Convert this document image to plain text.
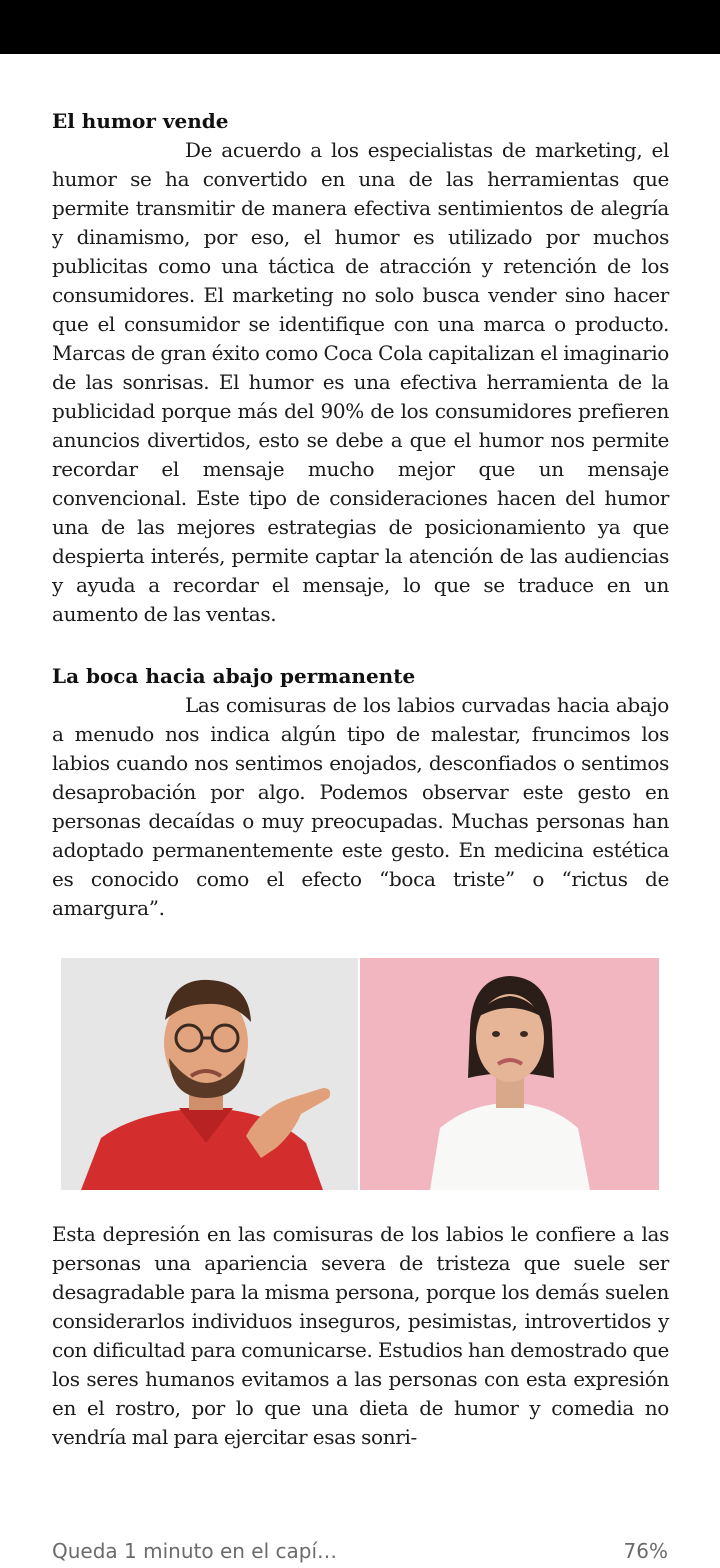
El humor vende

De acuerdo a los especialistas de marketing, el humor se ha convertido en una de las herramientas que permite transmitir de manera efectiva sentimientos de alegría y dinamismo, por eso, el humor es utilizado por muchos publicitas como una táctica de atracción y retención de los consumidores. El marketing no solo busca vender sino hacer que el consumidor se identifique con una marca o producto. Marcas de gran éxito como Coca Cola capitalizan el imaginario de las sonrisas. El humor es una efectiva herramienta de la publicidad porque más del 90% de los consumidores prefieren anuncios divertidos, esto se debe a que el humor nos permite recordar el mensaje mucho mejor que un mensaje convencional. Este tipo de consideraciones hacen del humor una de las mejores estrategias de posicionamiento ya que despierta interés, permite captar la atención de las audiencias y ayuda a recordar el mensaje, lo que se traduce en un aumento de las ventas.

La boca hacia abajo permanente

Las comisuras de los labios curvadas hacia abajo a menudo nos indica algún tipo de malestar, fruncimos los labios cuando nos sentimos enojados, desconfiados o sentimos desaprobación por algo. Podemos observar este gesto en personas decaídas o muy preocupadas. Muchas personas han adoptado permanentemente este gesto. En medicina estética es conocido como el efecto “boca triste” o “rictus de amargura”.

Esta depresión en las comisuras de los labios le confiere a las personas una apariencia severa de tristeza que suele ser desagradable para la misma persona, porque los demás suelen considerarlos individuos inseguros, pesimistas, introvertidos y con dificultad para comunicarse. Estudios han demostrado que los seres humanos evitamos a las personas con esta expresión en el rostro, por lo que una dieta de humor y comedia no vendría mal para ejercitar esas sonri-

Queda 1 minuto en el capí…	76%
